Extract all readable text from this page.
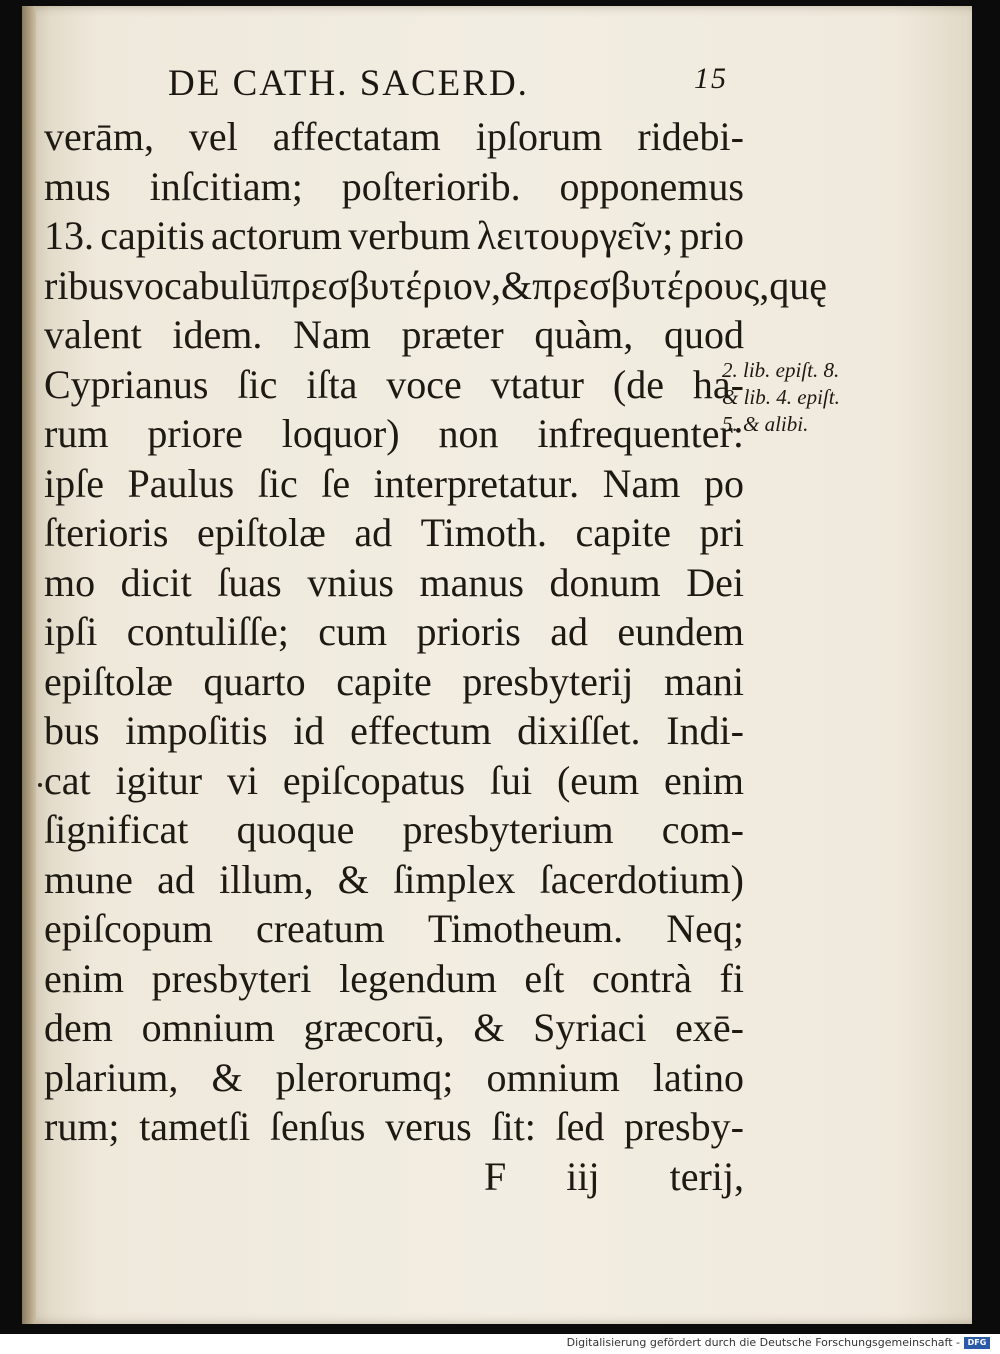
DE CATH. SACERD.	15
verām, vel affectatam ipſorum ridebi-
mus inſcitiam; poſteriorib. opponemus
13. capitis actorum verbum λειτουργεῖν; prio
ribus vocabulū πρεσβυτέριον, & πρεσβυτέρους, quę
valent idem. Nam præter quàm, quod
Cyprianus ſic iſta voce vtatur (de ha-
rum priore loquor) non infrequenter:
ipſe Paulus ſic ſe interpretatur. Nam po
ſterioris epiſtolæ ad Timoth. capite pri
mo dicit ſuas vnius manus donum Dei
ipſi contuliſſe; cum prioris ad eundem
epiſtolæ quarto capite presbyterij mani
bus impoſitis id effectum dixiſſet. Indi-
cat igitur vi epiſcopatus ſui (eum enim
ſignificat quoque presbyterium com-
mune ad illum, & ſimplex ſacerdotium)
epiſcopum creatum Timotheum. Neq;
enim presbyteri legendum eſt contrà fi
dem omnium græcorū, & Syriaci exē-
plarium, & plerorumq; omnium latino
rum; tametſi ſenſus verus ſit: ſed presby-
F iij terij,
2. lib. epiſt. 8.
& lib. 4. epiſt.
5. & alibi.
Digitalisierung gefördert durch die Deutsche Forschungsgemeinschaft - DFG
